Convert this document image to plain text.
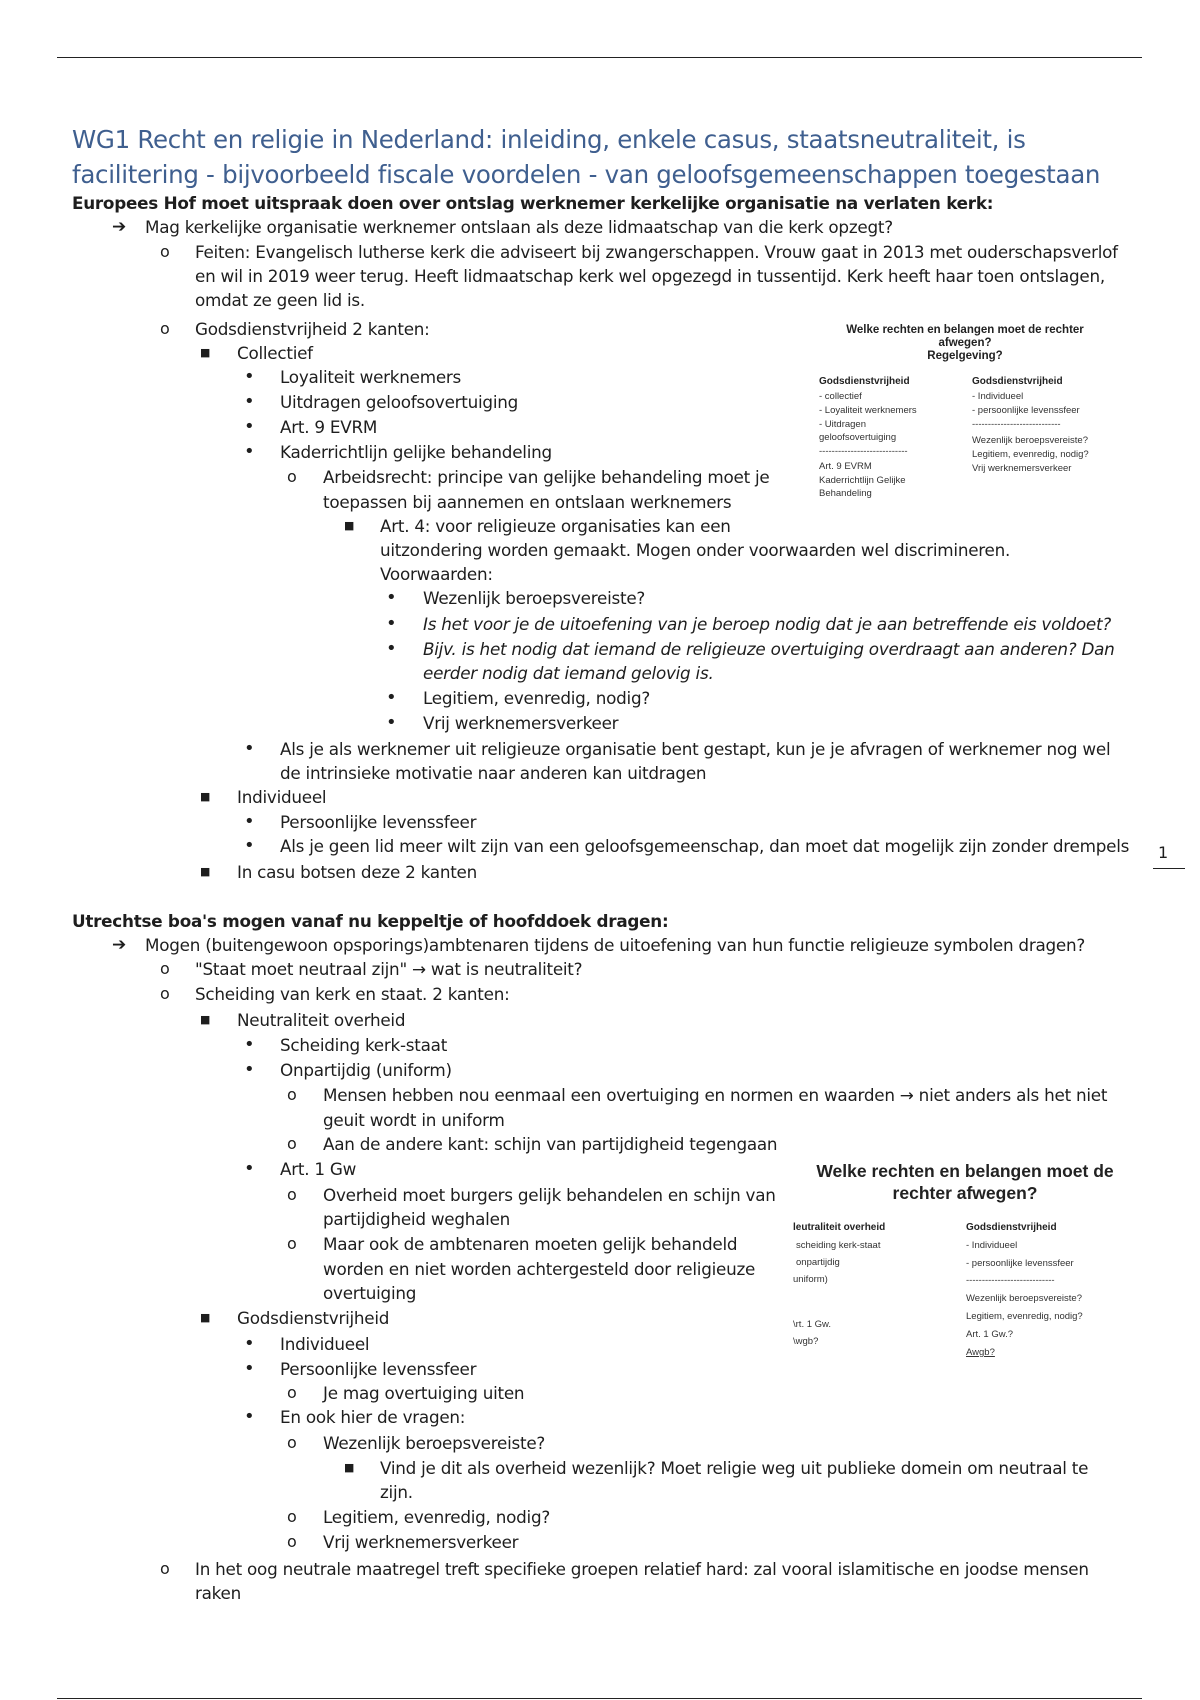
WG1 Recht en religie in Nederland: inleiding, enkele casus, staatsneutraliteit, is facilitering - bijvoorbeeld fiscale voordelen - van geloofsgemeenschappen toegestaan
Europees Hof moet uitspraak doen over ontslag werknemer kerkelijke organisatie na verlaten kerk:
➔ Mag kerkelijke organisatie werknemer ontslaan als deze lidmaatschap van die kerk opzegt?
o Feiten: Evangelisch lutherse kerk die adviseert bij zwangerschappen. Vrouw gaat in 2013 met ouderschapsverlof
en wil in 2019 weer terug. Heeft lidmaatschap kerk wel opgezegd in tussentijd. Kerk heeft haar toen ontslagen,
omdat ze geen lid is.
o Godsdienstvrijheid 2 kanten:
■ Collectief
• Loyaliteit werknemers
• Uitdragen geloofsovertuiging
• Art. 9 EVRM
• Kaderrichtlijn gelijke behandeling
o Arbeidsrecht: principe van gelijke behandeling moet je
toepassen bij aannemen en ontslaan werknemers
■ Art. 4: voor religieuze organisaties kan een
uitzondering worden gemaakt. Mogen onder voorwaarden wel discrimineren.
Voorwaarden:
• Wezenlijk beroepsvereiste?
• Is het voor je de uitoefening van je beroep nodig dat je aan betreffende eis voldoet?
• Bijv. is het nodig dat iemand de religieuze overtuiging overdraagt aan anderen? Dan
eerder nodig dat iemand gelovig is.
• Legitiem, evenredig, nodig?
• Vrij werknemersverkeer
• Als je als werknemer uit religieuze organisatie bent gestapt, kun je je afvragen of werknemer nog wel
de intrinsieke motivatie naar anderen kan uitdragen
■ Individueel
• Persoonlijke levenssfeer
• Als je geen lid meer wilt zijn van een geloofsgemeenschap, dan moet dat mogelijk zijn zonder drempels
■ In casu botsen deze 2 kanten
Welke rechten en belangen moet de rechter
afwegen?
Regelgeving?
Godsdienstvrijheid
- collectief
- Loyaliteit werknemers
- Uitdragen
geloofsovertuiging
----------------------------
Art. 9 EVRM
Kaderrichtlijn Gelijke
Behandeling
Godsdienstvrijheid
- Individueel
- persoonlijke levenssfeer
----------------------------
Wezenlijk beroepsvereiste?
Legitiem, evenredig, nodig?
Vrij werknemersverkeer
1
Utrechtse boa's mogen vanaf nu keppeltje of hoofddoek dragen:
➔ Mogen (buitengewoon opsporings)ambtenaren tijdens de uitoefening van hun functie religieuze symbolen dragen?
o "Staat moet neutraal zijn" → wat is neutraliteit?
o Scheiding van kerk en staat. 2 kanten:
■ Neutraliteit overheid
• Scheiding kerk-staat
• Onpartijdig (uniform)
o Mensen hebben nou eenmaal een overtuiging en normen en waarden → niet anders als het niet
geuit wordt in uniform
o Aan de andere kant: schijn van partijdigheid tegengaan
• Art. 1 Gw
o Overheid moet burgers gelijk behandelen en schijn van
partijdigheid weghalen
o Maar ook de ambtenaren moeten gelijk behandeld
worden en niet worden achtergesteld door religieuze
overtuiging
■ Godsdienstvrijheid
• Individueel
• Persoonlijke levenssfeer
o Je mag overtuiging uiten
• En ook hier de vragen:
o Wezenlijk beroepsvereiste?
■ Vind je dit als overheid wezenlijk? Moet religie weg uit publieke domein om neutraal te
zijn.
o Legitiem, evenredig, nodig?
o Vrij werknemersverkeer
o In het oog neutrale maatregel treft specifieke groepen relatief hard: zal vooral islamitische en joodse mensen
raken
Welke rechten en belangen moet de
rechter afwegen?
leutraliteit overheid
scheiding kerk-staat
onpartijdig
uniform)
\rt. 1 Gw.
\wgb?
Godsdienstvrijheid
- Individueel
- persoonlijke levenssfeer
----------------------------
Wezenlijk beroepsvereiste?
Legitiem, evenredig, nodig?
Art. 1 Gw.?
Awgb?
